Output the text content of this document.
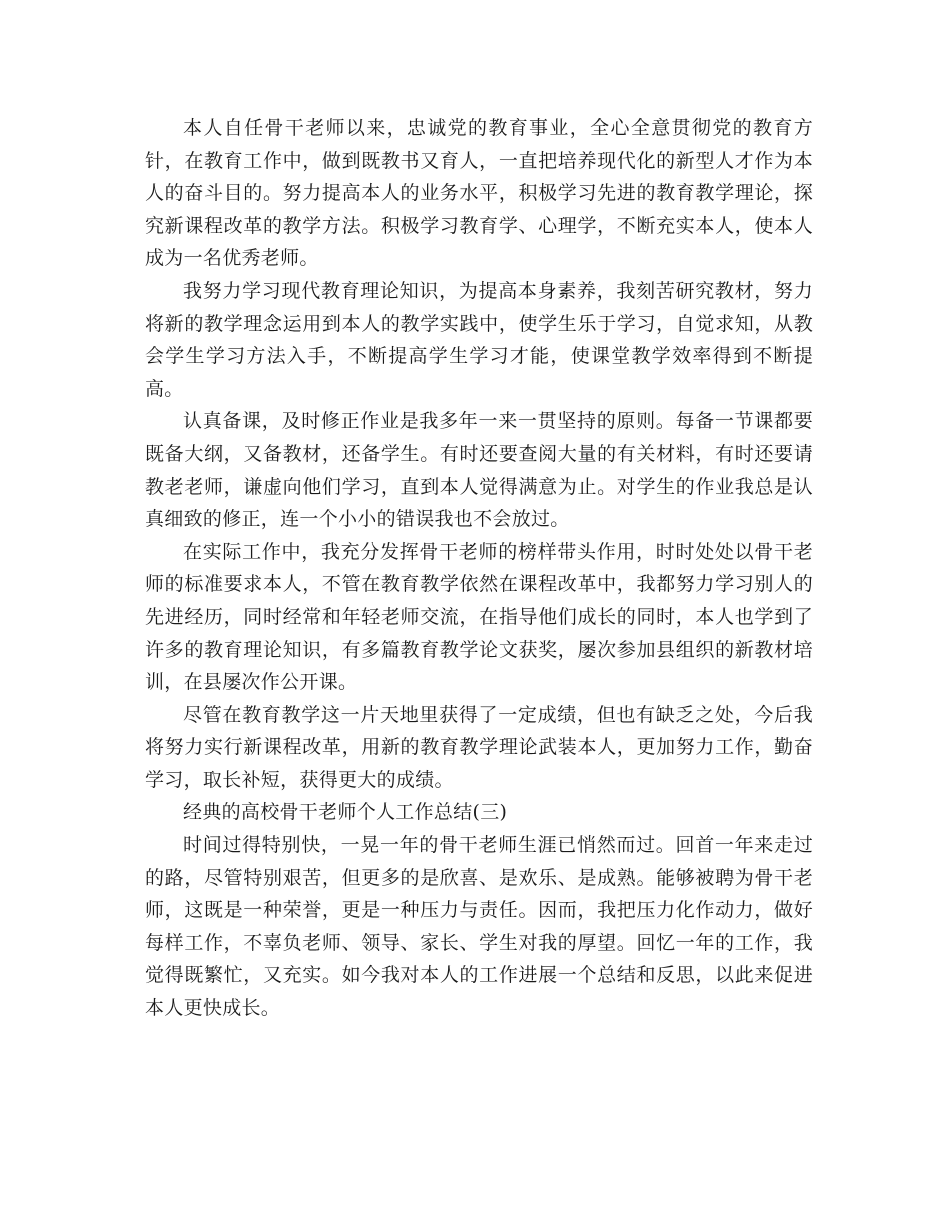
本人自任骨干老师以来，忠诚党的教育事业，全心全意贯彻党的教育方针，在教育工作中，做到既教书又育人，一直把培养现代化的新型人才作为本人的奋斗目的。努力提高本人的业务水平，积极学习先进的教育教学理论，探究新课程改革的教学方法。积极学习教育学、心理学，不断充实本人，使本人成为一名优秀老师。

我努力学习现代教育理论知识，为提高本身素养，我刻苦研究教材，努力将新的教学理念运用到本人的教学实践中，使学生乐于学习，自觉求知，从教会学生学习方法入手，不断提高学生学习才能，使课堂教学效率得到不断提高。

认真备课，及时修正作业是我多年一来一贯坚持的原则。每备一节课都要既备大纲，又备教材，还备学生。有时还要查阅大量的有关材料，有时还要请教老老师，谦虚向他们学习，直到本人觉得满意为止。对学生的作业我总是认真细致的修正，连一个小小的错误我也不会放过。

在实际工作中，我充分发挥骨干老师的榜样带头作用，时时处处以骨干老师的标准要求本人，不管在教育教学依然在课程改革中，我都努力学习别人的先进经历，同时经常和年轻老师交流，在指导他们成长的同时，本人也学到了许多的教育理论知识，有多篇教育教学论文获奖，屡次参加县组织的新教材培训，在县屡次作公开课。

尽管在教育教学这一片天地里获得了一定成绩，但也有缺乏之处，今后我将努力实行新课程改革，用新的教育教学理论武装本人，更加努力工作，勤奋学习，取长补短，获得更大的成绩。

经典的高校骨干老师个人工作总结(三)

时间过得特别快，一晃一年的骨干老师生涯已悄然而过。回首一年来走过的路，尽管特别艰苦，但更多的是欣喜、是欢乐、是成熟。能够被聘为骨干老师，这既是一种荣誉，更是一种压力与责任。因而，我把压力化作动力，做好每样工作，不辜负老师、领导、家长、学生对我的厚望。回忆一年的工作，我觉得既繁忙，又充实。如今我对本人的工作进展一个总结和反思，以此来促进本人更快成长。
